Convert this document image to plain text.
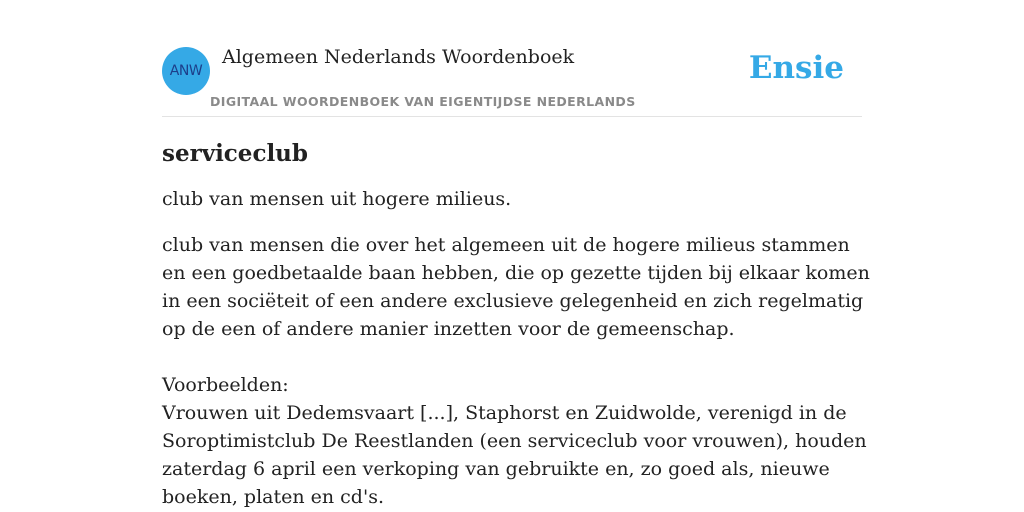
ANW
Algemeen Nederlands Woordenboek
DIGITAAL WOORDENBOEK VAN EIGENTIJDSE NEDERLANDS
Ensie
serviceclub

club van mensen uit hogere milieus.

club van mensen die over het algemeen uit de hogere milieus stammen en een goedbetaalde baan hebben, die op gezette tijden bij elkaar komen in een sociëteit of een andere exclusieve gelegenheid en zich regelmatig op de een of andere manier inzetten voor de gemeenschap.

Voorbeelden:

Vrouwen uit Dedemsvaart [...], Staphorst en Zuidwolde, verenigd in de Soroptimistclub De Reestlanden (een serviceclub voor vrouwen), houden zaterdag 6 april een verkoping van gebruikte en, zo goed als, nieuwe boeken, platen en cd's.
